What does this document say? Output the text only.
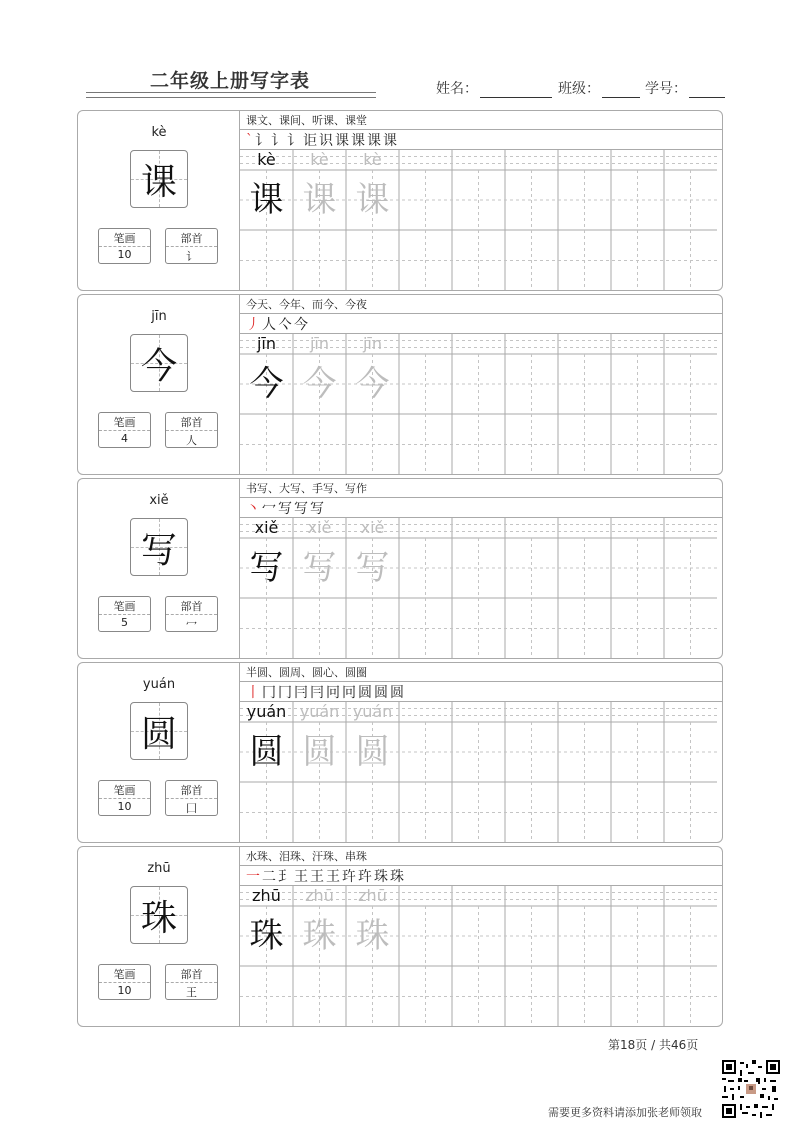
二年级上册写字表	姓名：	班级：	学号：
kè
课
笔画
10
部首
讠
课文、课间、听课、课堂
` 讠 讠 讠 讵 识 课 课 课 课
kè
课
kè
课
kè
课
jīn
今
笔画
4
部首
人
今天、今年、而今、今夜
丿 人 亽 今
jīn
今
jīn
今
jīn
今
xiě
写
笔画
5
部首
冖
书写、大写、手写、写作
丶 冖 写 写 写
xiě
写
xiě
写
xiě
写
yuán
圆
笔画
10
部首
囗
半圆、圆周、圆心、圆圈
丨 冂 冂 冃 冃 冋 冋 圆 圆 圆
yuán
圆
yuán
圆
yuán
圆
zhū
珠
笔画
10
部首
王
水珠、泪珠、汗珠、串珠
一 二 𤣩 王 王 王 玝 玝 珠 珠
zhū
珠
zhū
珠
zhū
珠
第18页 / 共46页
需要更多资料请添加张老师领取
